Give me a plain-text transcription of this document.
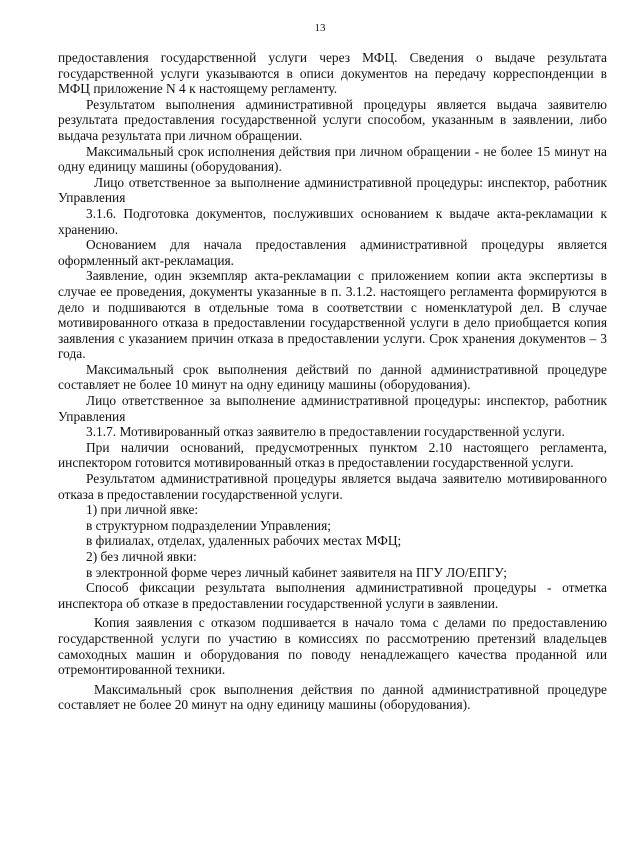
13

предоставления государственной услуги через МФЦ. Сведения о выдаче результата государственной услуги указываются в описи документов на передачу корреспонденции в МФЦ приложение N 4 к настоящему регламенту.

Результатом выполнения административной процедуры является выдача заявителю результата предоставления государственной услуги способом, указанным в заявлении, либо выдача результата при личном обращении.

Максимальный срок исполнения действия при личном обращении - не более 15 минут на одну единицу машины (оборудования).

Лицо ответственное за выполнение административной процедуры: инспектор, работник Управления

3.1.6. Подготовка документов, послуживших основанием к выдаче акта-рекламации к хранению.

Основанием для начала предоставления административной процедуры является оформленный акт-рекламация.

Заявление, один экземпляр акта-рекламации с приложением копии акта экспертизы в случае ее проведения, документы указанные в п. 3.1.2. настоящего регламента формируются в дело и подшиваются в отдельные тома в соответствии с номенклатурой дел. В случае мотивированного отказа в предоставлении государственной услуги в дело приобщается копия заявления с указанием причин отказа в предоставлении услуги. Срок хранения документов – 3 года.

Максимальный срок выполнения действий по данной административной процедуре составляет не более 10 минут на одну единицу машины (оборудования).

Лицо ответственное за выполнение административной процедуры: инспектор, работник Управления

3.1.7. Мотивированный отказ заявителю в предоставлении государственной услуги.

При наличии оснований, предусмотренных пунктом 2.10 настоящего регламента, инспектором готовится мотивированный отказ в предоставлении государственной услуги.

Результатом административной процедуры является выдача заявителю мотивированного отказа в предоставлении государственной услуги.

1) при личной явке:

в структурном подразделении Управления;

в филиалах, отделах, удаленных рабочих местах МФЦ;

2) без личной явки:

в электронной форме через личный кабинет заявителя на ПГУ ЛО/ЕПГУ;

Способ фиксации результата выполнения административной процедуры - отметка инспектора об отказе в предоставлении государственной услуги в заявлении.

Копия заявления с отказом подшивается в начало тома с делами по предоставлению государственной услуги по участию в комиссиях по рассмотрению претензий владельцев самоходных машин и оборудования по поводу ненадлежащего качества проданной или отремонтированной техники.

Максимальный срок выполнения действия по данной административной процедуре составляет не более 20 минут на одну единицу машины (оборудования).
